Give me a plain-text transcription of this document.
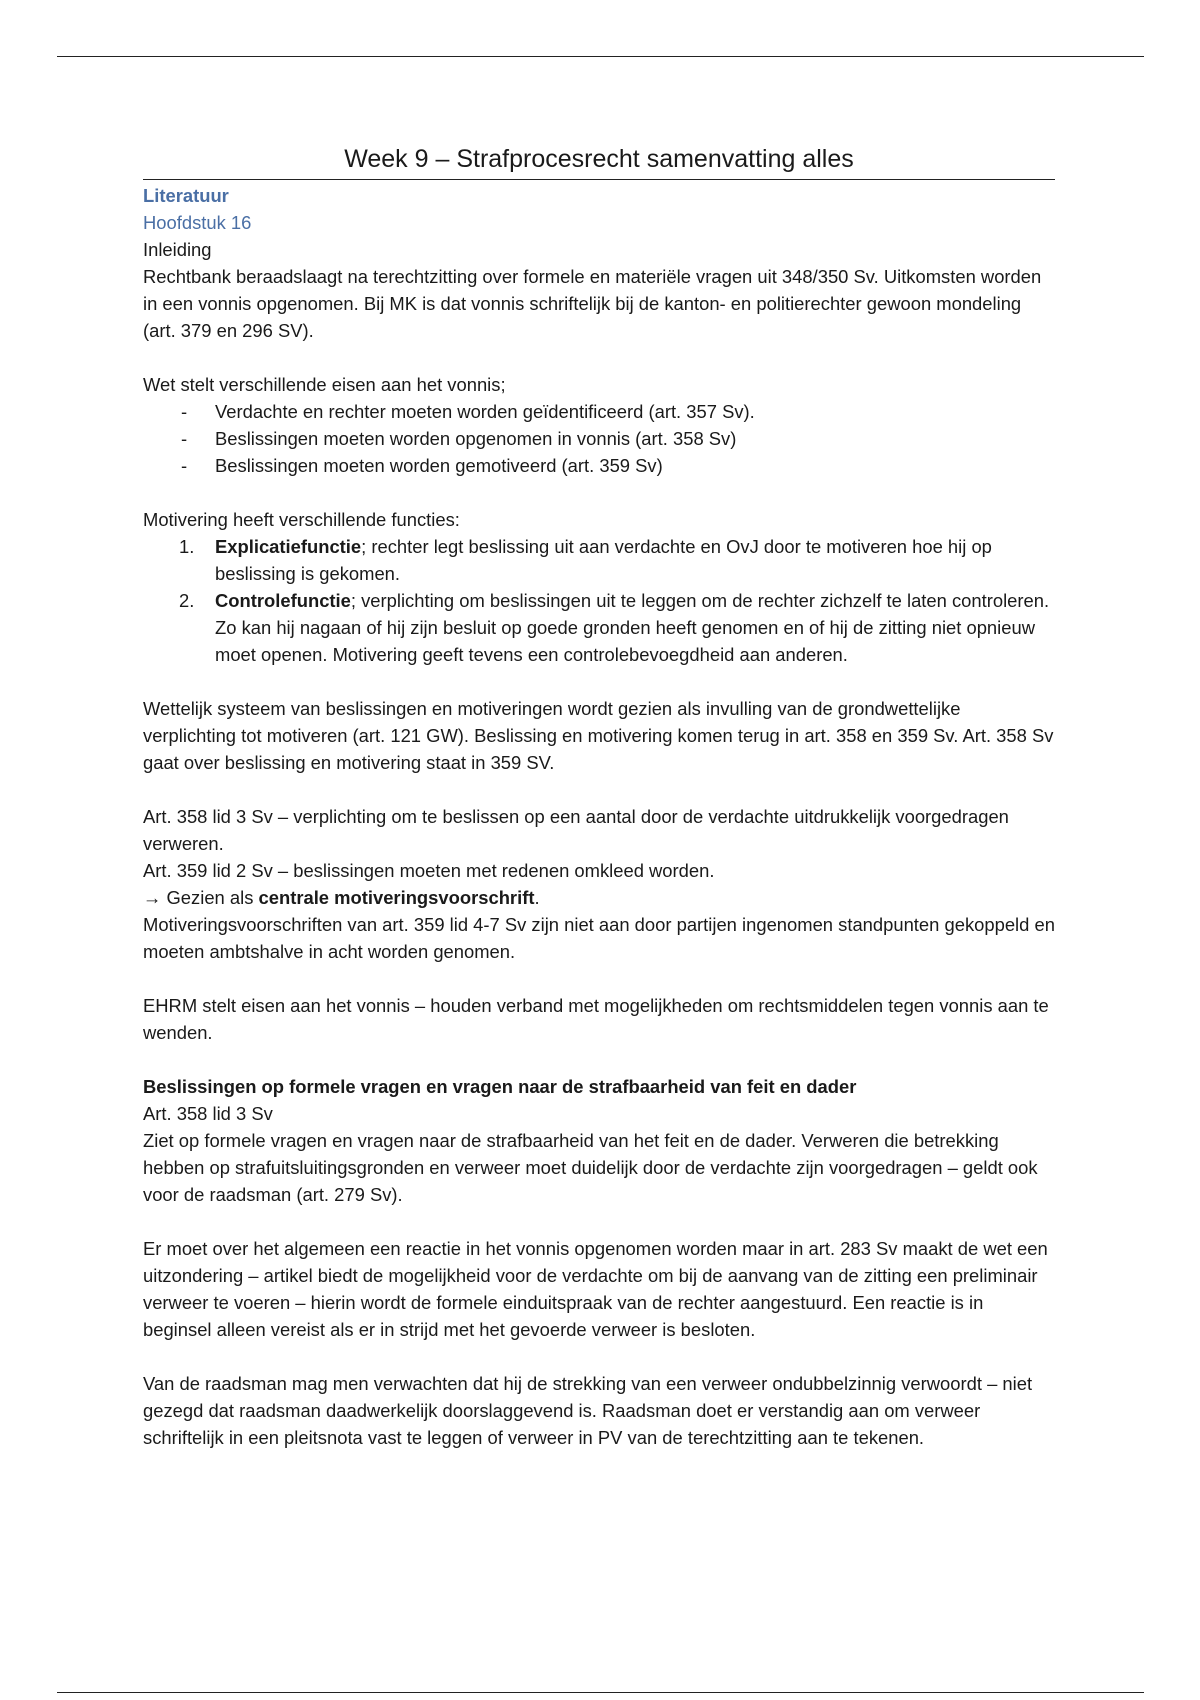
Week 9 – Strafprocesrecht samenvatting alles
Literatuur
Hoofdstuk 16
Inleiding

Rechtbank beraadslaagt na terechtzitting over formele en materiële vragen uit 348/350 Sv. Uitkomsten worden in een vonnis opgenomen. Bij MK is dat vonnis schriftelijk bij de kanton- en politierechter gewoon mondeling (art. 379 en 296 SV).

Wet stelt verschillende eisen aan het vonnis;

- Verdachte en rechter moeten worden geïdentificeerd (art. 357 Sv).
- Beslissingen moeten worden opgenomen in vonnis (art. 358 Sv)
- Beslissingen moeten worden gemotiveerd (art. 359 Sv)

Motivering heeft verschillende functies:

1. Explicatiefunctie; rechter legt beslissing uit aan verdachte en OvJ door te motiveren hoe hij op beslissing is gekomen.
2. Controlefunctie; verplichting om beslissingen uit te leggen om de rechter zichzelf te laten controleren. Zo kan hij nagaan of hij zijn besluit op goede gronden heeft genomen en of hij de zitting niet opnieuw moet openen. Motivering geeft tevens een controlebevoegdheid aan anderen.

Wettelijk systeem van beslissingen en motiveringen wordt gezien als invulling van de grondwettelijke verplichting tot motiveren (art. 121 GW). Beslissing en motivering komen terug in art. 358 en 359 Sv. Art. 358 Sv gaat over beslissing en motivering staat in 359 SV.

Art. 358 lid 3 Sv – verplichting om te beslissen op een aantal door de verdachte uitdrukkelijk voorgedragen verweren.

Art. 359 lid 2 Sv – beslissingen moeten met redenen omkleed worden.

→ Gezien als centrale motiveringsvoorschrift.

Motiveringsvoorschriften van art. 359 lid 4-7 Sv zijn niet aan door partijen ingenomen standpunten gekoppeld en moeten ambtshalve in acht worden genomen.

EHRM stelt eisen aan het vonnis – houden verband met mogelijkheden om rechtsmiddelen tegen vonnis aan te wenden.

Beslissingen op formele vragen en vragen naar de strafbaarheid van feit en dader

Art. 358 lid 3 Sv

Ziet op formele vragen en vragen naar de strafbaarheid van het feit en de dader. Verweren die betrekking hebben op strafuitsluitingsgronden en verweer moet duidelijk door de verdachte zijn voorgedragen – geldt ook voor de raadsman (art. 279 Sv).

Er moet over het algemeen een reactie in het vonnis opgenomen worden maar in art. 283 Sv maakt de wet een uitzondering – artikel biedt de mogelijkheid voor de verdachte om bij de aanvang van de zitting een preliminair verweer te voeren – hierin wordt de formele einduitspraak van de rechter aangestuurd. Een reactie is in beginsel alleen vereist als er in strijd met het gevoerde verweer is besloten.

Van de raadsman mag men verwachten dat hij de strekking van een verweer ondubbelzinnig verwoordt – niet gezegd dat raadsman daadwerkelijk doorslaggevend is. Raadsman doet er verstandig aan om verweer schriftelijk in een pleitsnota vast te leggen of verweer in PV van de terechtzitting aan te tekenen.
